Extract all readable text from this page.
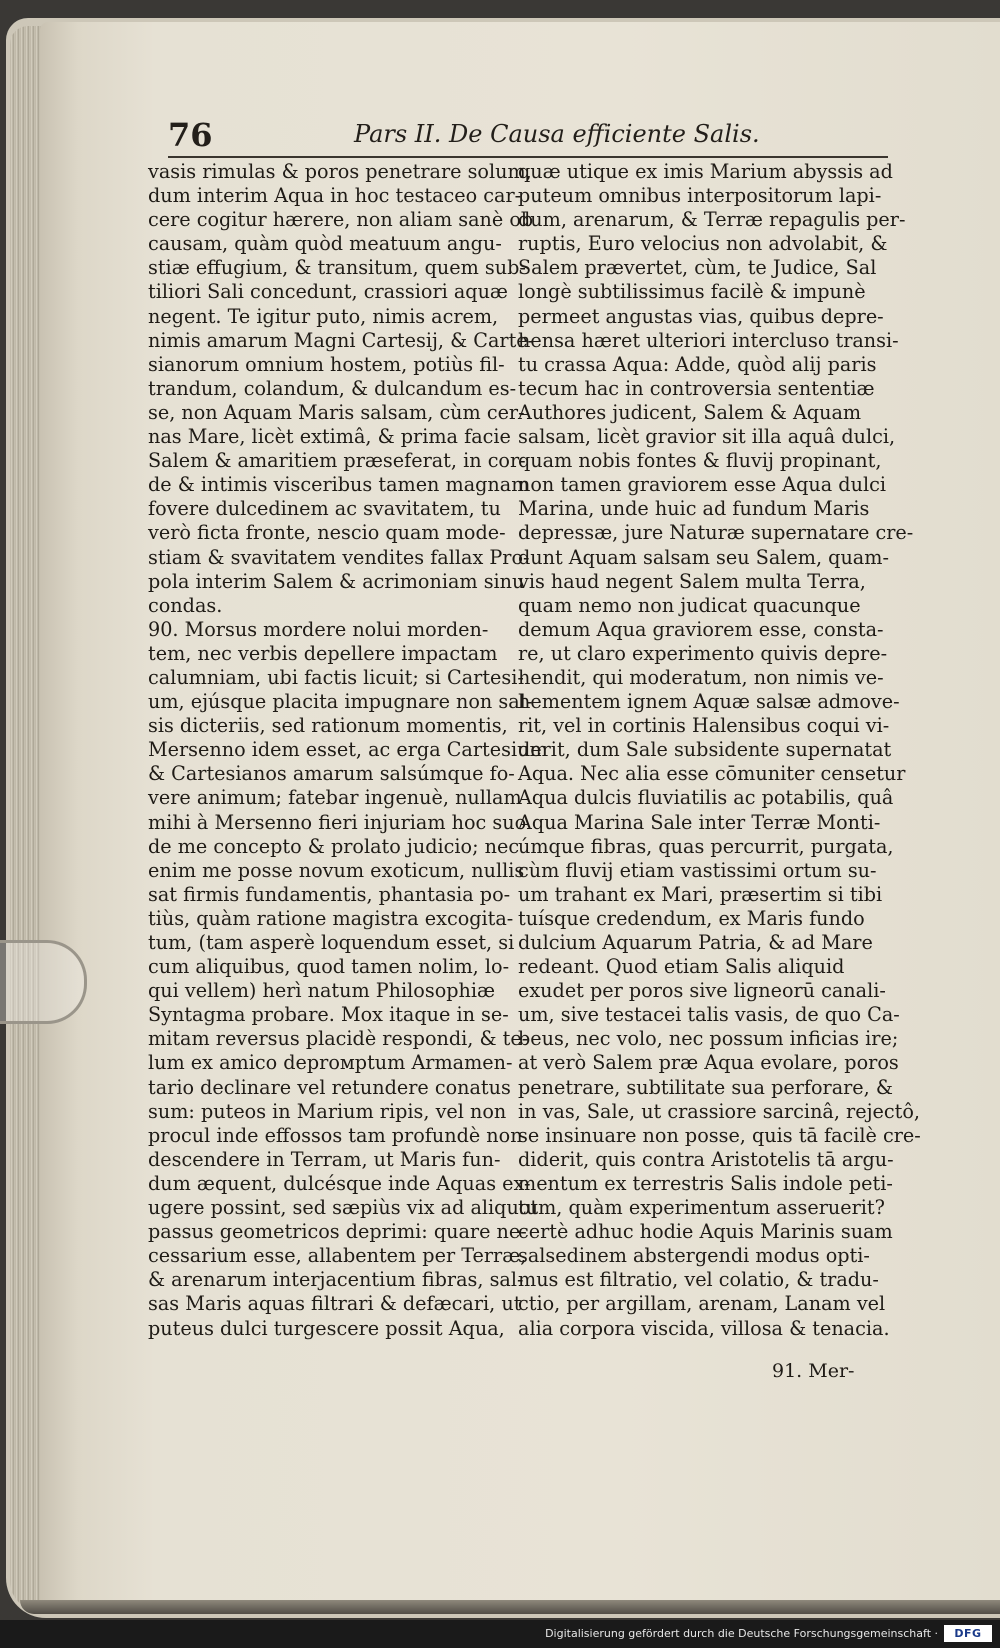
76	Pars II. De Causa efficiente Salis.
vasis rimulas & poros penetrare solum,
dum interim Aqua in hoc testaceo car-
cere cogitur hærere, non aliam sanè ob
causam, quàm quòd meatuum angu-
stiæ effugium, & transitum, quem sub-
tiliori Sali concedunt, crassiori aquæ
negent. Te igitur puto, nimis acrem,
nimis amarum Magni Cartesij, & Carte-
sianorum omnium hostem, potiùs fil-
trandum, colandum, & dulcandum es-
se, non Aquam Maris salsam, cùm cer-
nas Mare, licèt extimâ, & prima facie
Salem & amaritiem præseferat, in cor-
de & intimis visceribus tamen magnam
fovere dulcedinem ac svavitatem, tu
verò ficta fronte, nescio quam mode-
stiam & svavitatem vendites fallax Pro-
pola interim Salem & acrimoniam sinu
condas.
90. Morsus mordere nolui morden-
tem, nec verbis depellere impactam
calumniam, ubi factis licuit; si Cartesi-
um, ejúsque placita impugnare non sal-
sis dicteriis, sed rationum momentis,
Mersenno idem esset, ac erga Cartesium
& Cartesianos amarum salsúmque fo-
vere animum; fatebar ingenuè, nullam
mihi à Mersenno fieri injuriam hoc suo
de me concepto & prolato judicio; nec
enim me posse novum exoticum, nullis
sat firmis fundamentis, phantasia po-
tiùs, quàm ratione magistra excogita-
tum, (tam asperè loquendum esset, si
cum aliquibus, quod tamen nolim, lo-
qui vellem) herì natum Philosophiæ
Syntagma probare. Mox itaque in se-
mitam reversus placidè respondi, & te-
lum ex amico deprомptum Armamen-
tario declinare vel retundere conatus
sum: puteos in Marium ripis, vel non
procul inde effossos tam profundè non
descendere in Terram, ut Maris fun-
dum æquent, dulcésque inde Aquas ex-
ugere possint, sed sæpiùs vix ad aliquot
passus geometricos deprimi: quare ne-
cessarium esse, allabentem per Terræ,
& arenarum interjacentium fibras, sal-
sas Maris aquas filtrari & defæcari, ut
puteus dulci turgescere possit Aqua,
quæ utique ex imis Marium abyssis ad
puteum omnibus interpositorum lapi-
dum, arenarum, & Terræ repagulis per-
ruptis, Euro velocius non advolabit, &
Salem prævertet, cùm, te Judice, Sal
longè subtilissimus facilè & impunè
permeet angustas vias, quibus depre-
hensa hæret ulteriori intercluso transi-
tu crassa Aqua: Adde, quòd alij paris
tecum hac in controversia sententiæ
Authores judicent, Salem & Aquam
salsam, licèt gravior sit illa aquâ dulci,
quam nobis fontes & fluvij propinant,
non tamen graviorem esse Aqua dulci
Marina, unde huic ad fundum Maris
depressæ, jure Naturæ supernatare cre-
dunt Aquam salsam seu Salem, quam-
vis haud negent Salem multa Terra,
quam nemo non judicat quacunque
demum Aqua graviorem esse, consta-
re, ut claro experimento quivis depre-
hendit, qui moderatum, non nimis ve-
hementem ignem Aquæ salsæ admove-
rit, vel in cortinis Halensibus coqui vi-
derit, dum Sale subsidente supernatat
Aqua. Nec alia esse cōmuniter censetur
Aqua dulcis fluviatilis ac potabilis, quâ
Aqua Marina Sale inter Terræ Monti-
úmque fibras, quas percurrit, purgata,
cùm fluvij etiam vastissimi ortum su-
um trahant ex Mari, præsertim si tibi
tuísque credendum, ex Maris fundo
dulcium Aquarum Patria, & ad Mare
redeant. Quod etiam Salis aliquid
exudet per poros sive ligneorū canali-
um, sive testacei talis vasis, de quo Ca-
beus, nec volo, nec possum inficias ire;
at verò Salem præ Aqua evolare, poros
penetrare, subtilitate sua perforare, &
in vas, Sale, ut crassiore sarcinâ, rejectô,
se insinuare non posse, quis tā facilè cre-
diderit, quis contra Aristotelis tā argu-
mentum ex terrestris Salis indole peti-
tum, quàm experimentum asseruerit?
certè adhuc hodie Aquis Marinis suam
salsedinem abstergendi modus opti-
mus est filtratio, vel colatio, & tradu-
ctio, per argillam, arenam, Lanam vel
alia corpora viscida, villosa & tenacia.
91. Mer-
Digitalisierung gefördert durch die Deutsche Forschungsgemeinschaft ·	DFG
